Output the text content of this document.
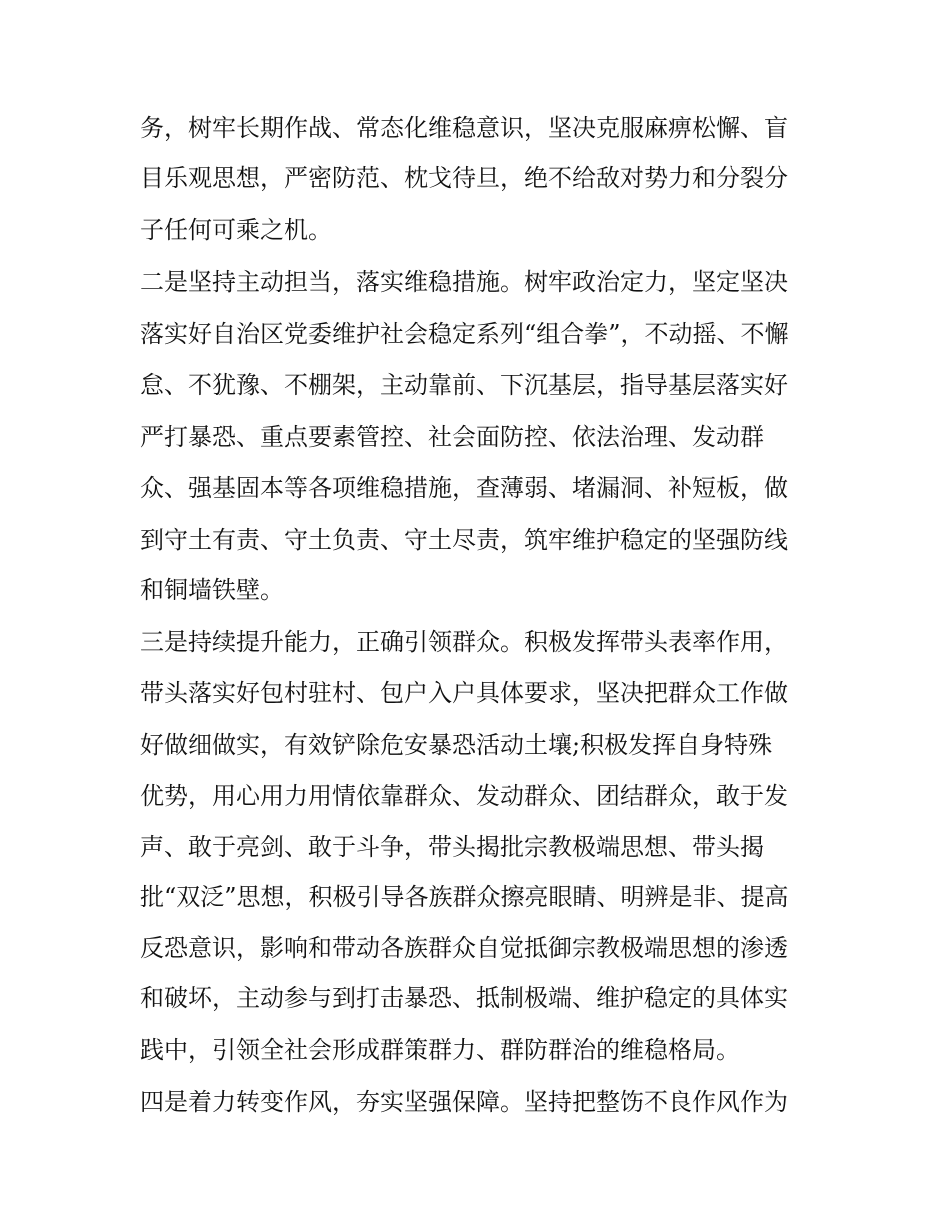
务，树牢长期作战、常态化维稳意识，坚决克服麻痹松懈、盲
目乐观思想，严密防范、枕戈待旦，绝不给敌对势力和分裂分
子任何可乘之机。
二是坚持主动担当，落实维稳措施。树牢政治定力，坚定坚决
落实好自治区党委维护社会稳定系列“组合拳”，不动摇、不懈
怠、不犹豫、不棚架，主动靠前、下沉基层，指导基层落实好
严打暴恐、重点要素管控、社会面防控、依法治理、发动群
众、强基固本等各项维稳措施，查薄弱、堵漏洞、补短板，做
到守土有责、守土负责、守土尽责，筑牢维护稳定的坚强防线
和铜墙铁壁。
三是持续提升能力，正确引领群众。积极发挥带头表率作用，
带头落实好包村驻村、包户入户具体要求，坚决把群众工作做
好做细做实，有效铲除危安暴恐活动土壤;积极发挥自身特殊
优势，用心用力用情依靠群众、发动群众、团结群众，敢于发
声、敢于亮剑、敢于斗争，带头揭批宗教极端思想、带头揭
批“双泛”思想，积极引导各族群众擦亮眼睛、明辨是非、提高
反恐意识，影响和带动各族群众自觉抵御宗教极端思想的渗透
和破坏，主动参与到打击暴恐、抵制极端、维护稳定的具体实
践中，引领全社会形成群策群力、群防群治的维稳格局。
四是着力转变作风，夯实坚强保障。坚持把整饬不良作风作为
